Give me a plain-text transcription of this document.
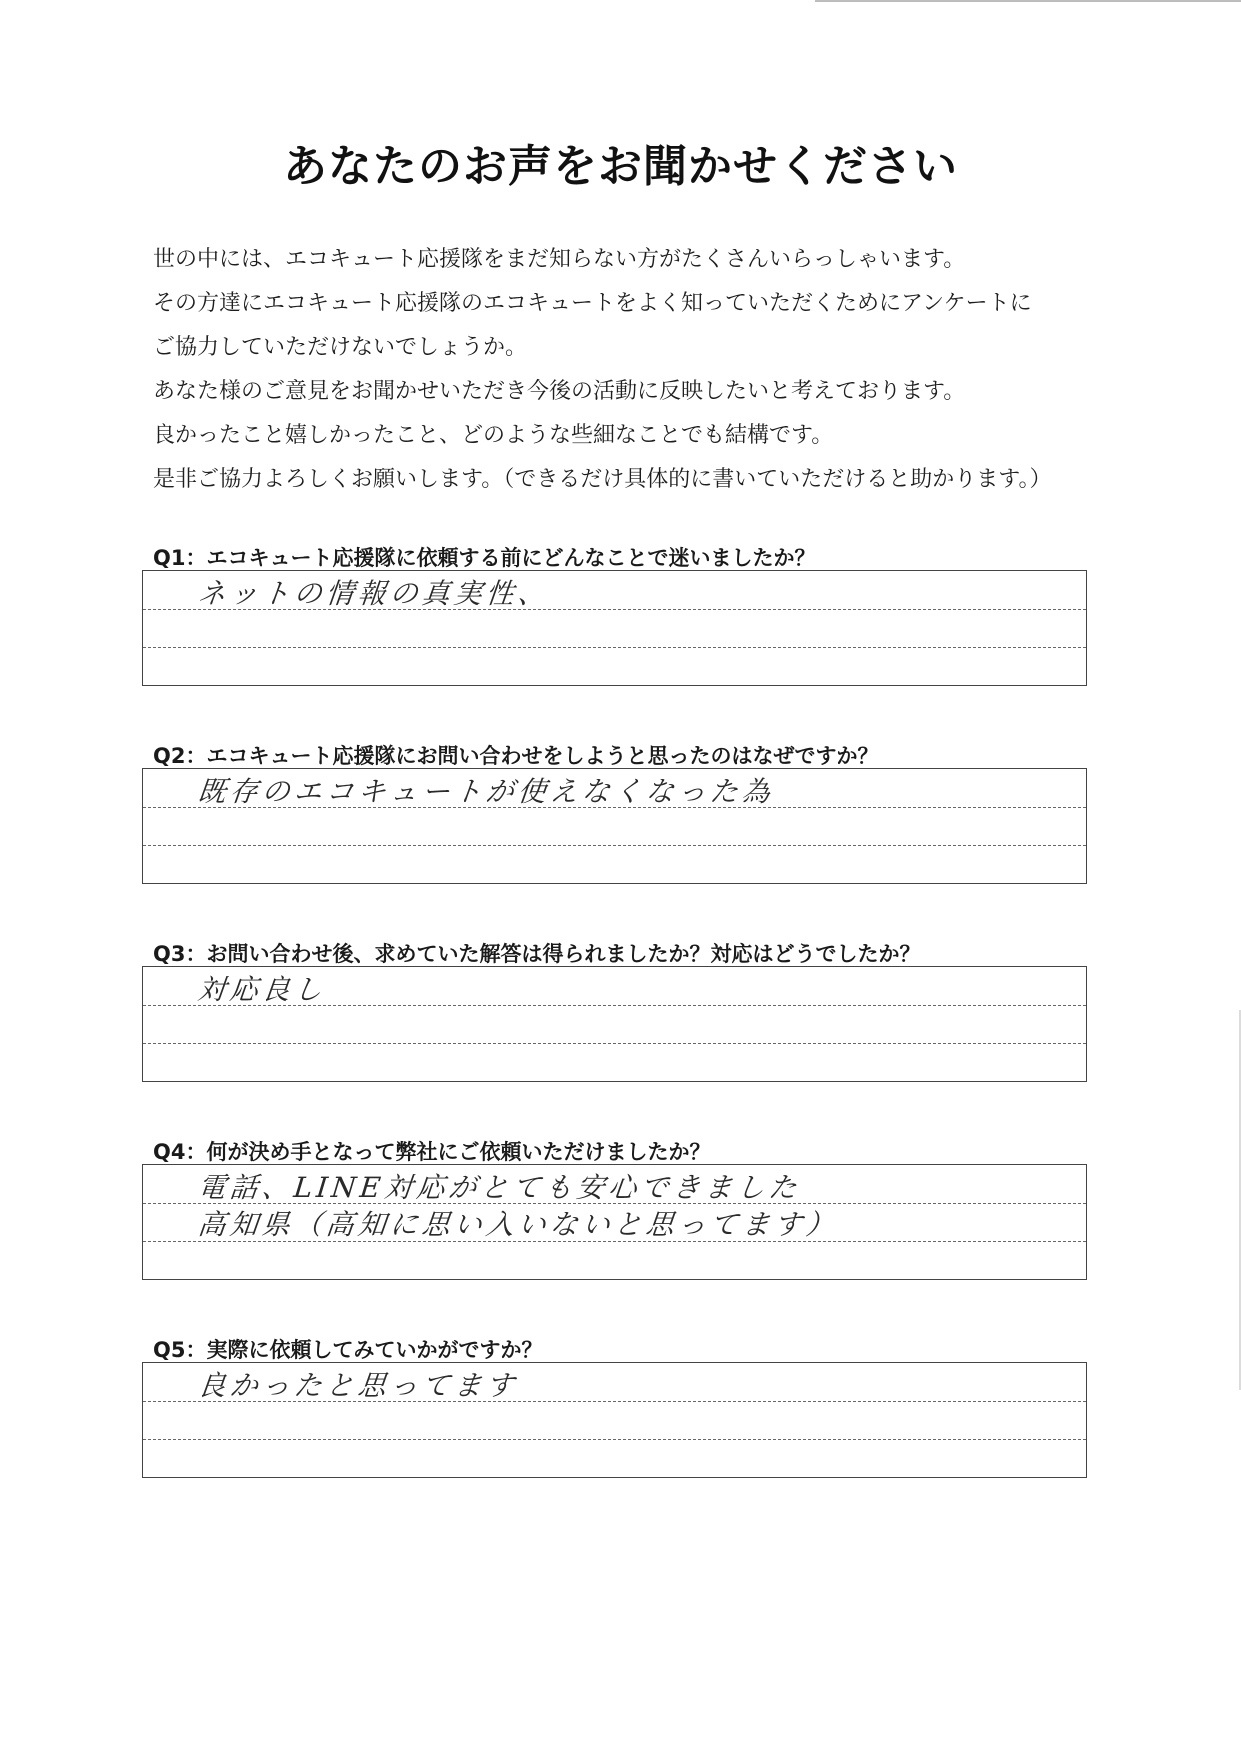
あなたのお声をお聞かせください
世の中には、エコキュート応援隊をまだ知らない方がたくさんいらっしゃいます。
その方達にエコキュート応援隊のエコキュートをよく知っていただくためにアンケートに
ご協力していただけないでしょうか。
あなた様のご意見をお聞かせいただき今後の活動に反映したいと考えております。
良かったこと嬉しかったこと、どのような些細なことでも結構です。
是非ご協力よろしくお願いします。（できるだけ具体的に書いていただけると助かります。）
Q1：エコキュート応援隊に依頼する前にどんなことで迷いましたか？
ネットの情報の真実性、
Q2：エコキュート応援隊にお問い合わせをしようと思ったのはなぜですか？
既存のエコキュートが使えなくなった為
Q3：お問い合わせ後、求めていた解答は得られましたか？対応はどうでしたか？
対応良し
Q4：何が決め手となって弊社にご依頼いただけましたか？
電話、LINE対応がとても安心できました
高知県（高知に思い入いないと思ってます）
Q5：実際に依頼してみていかがですか？
良かったと思ってます
